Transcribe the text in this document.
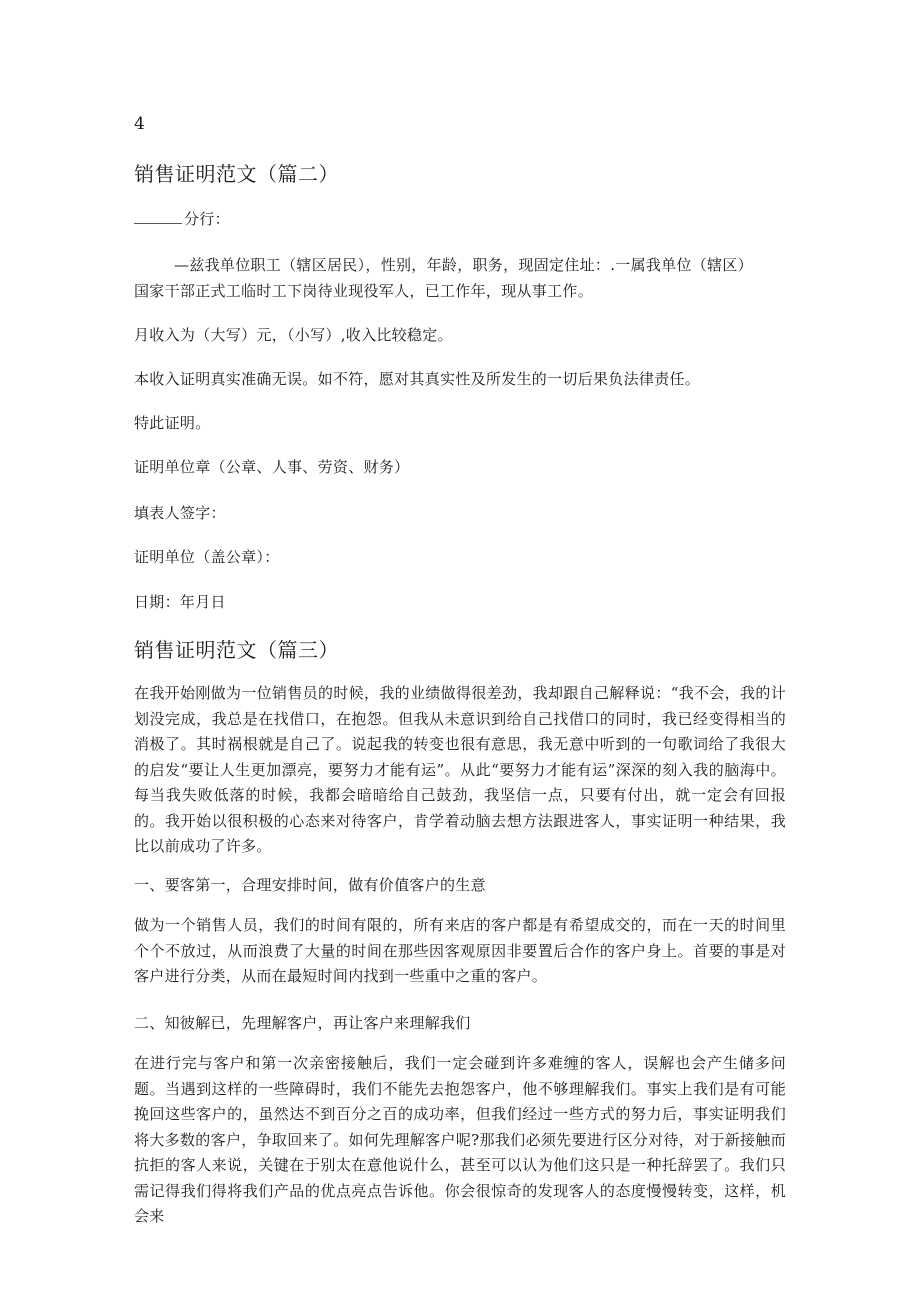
4
销售证明范文（篇二）
分行：
—兹我单位职工（辖区居民），性别，年龄，职务，现固定住址：.一属我单位（辖区）
国家干部正式工临时工下岗待业现役军人，已工作年，现从事工作。
月收入为（大写）元，（小写）,收入比较稳定。
本收入证明真实准确无误。如不符，愿对其真实性及所发生的一切后果负法律责任。
特此证明。
证明单位章（公章、人事、劳资、财务）
填表人签字：
证明单位（盖公章）：
日期：年月日
销售证明范文（篇三）
在我开始刚做为一位销售员的时候，我的业绩做得很差劲，我却跟自己解释说：“我不会，我的计划没完成，我总是在找借口，在抱怨。但我从未意识到给自己找借口的同时，我已经变得相当的消极了。其时祸根就是自己了。说起我的转变也很有意思，我无意中听到的一句歌词给了我很大的启发“要让人生更加漂亮，要努力才能有运”。从此“要努力才能有运”深深的刻入我的脑海中。每当我失败低落的时候，我都会暗暗给自己鼓劲，我坚信一点，只要有付出，就一定会有回报的。我开始以很积极的心态来对待客户，肯学着动脑去想方法跟进客人，事实证明一种结果，我比以前成功了许多。
一、要客第一，合理安排时间，做有价值客户的生意
做为一个销售人员，我们的时间有限的，所有来店的客户都是有希望成交的，而在一天的时间里个个不放过，从而浪费了大量的时间在那些因客观原因非要置后合作的客户身上。首要的事是对客户进行分类，从而在最短时间内找到一些重中之重的客户。
二、知彼解已，先理解客户，再让客户来理解我们
在进行完与客户和第一次亲密接触后，我们一定会碰到许多难缠的客人，误解也会产生储多问题。当遇到这样的一些障碍时，我们不能先去抱怨客户，他不够理解我们。事实上我们是有可能挽回这些客户的，虽然达不到百分之百的成功率，但我们经过一些方式的努力后，事实证明我们将大多数的客户，争取回来了。如何先理解客户呢?那我们必须先要进行区分对待，对于新接触而抗拒的客人来说，关键在于别太在意他说什么，甚至可以认为他们这只是一种托辞罢了。我们只需记得我们得将我们产品的优点亮点告诉他。你会很惊奇的发现客人的态度慢慢转变，这样，机会来
